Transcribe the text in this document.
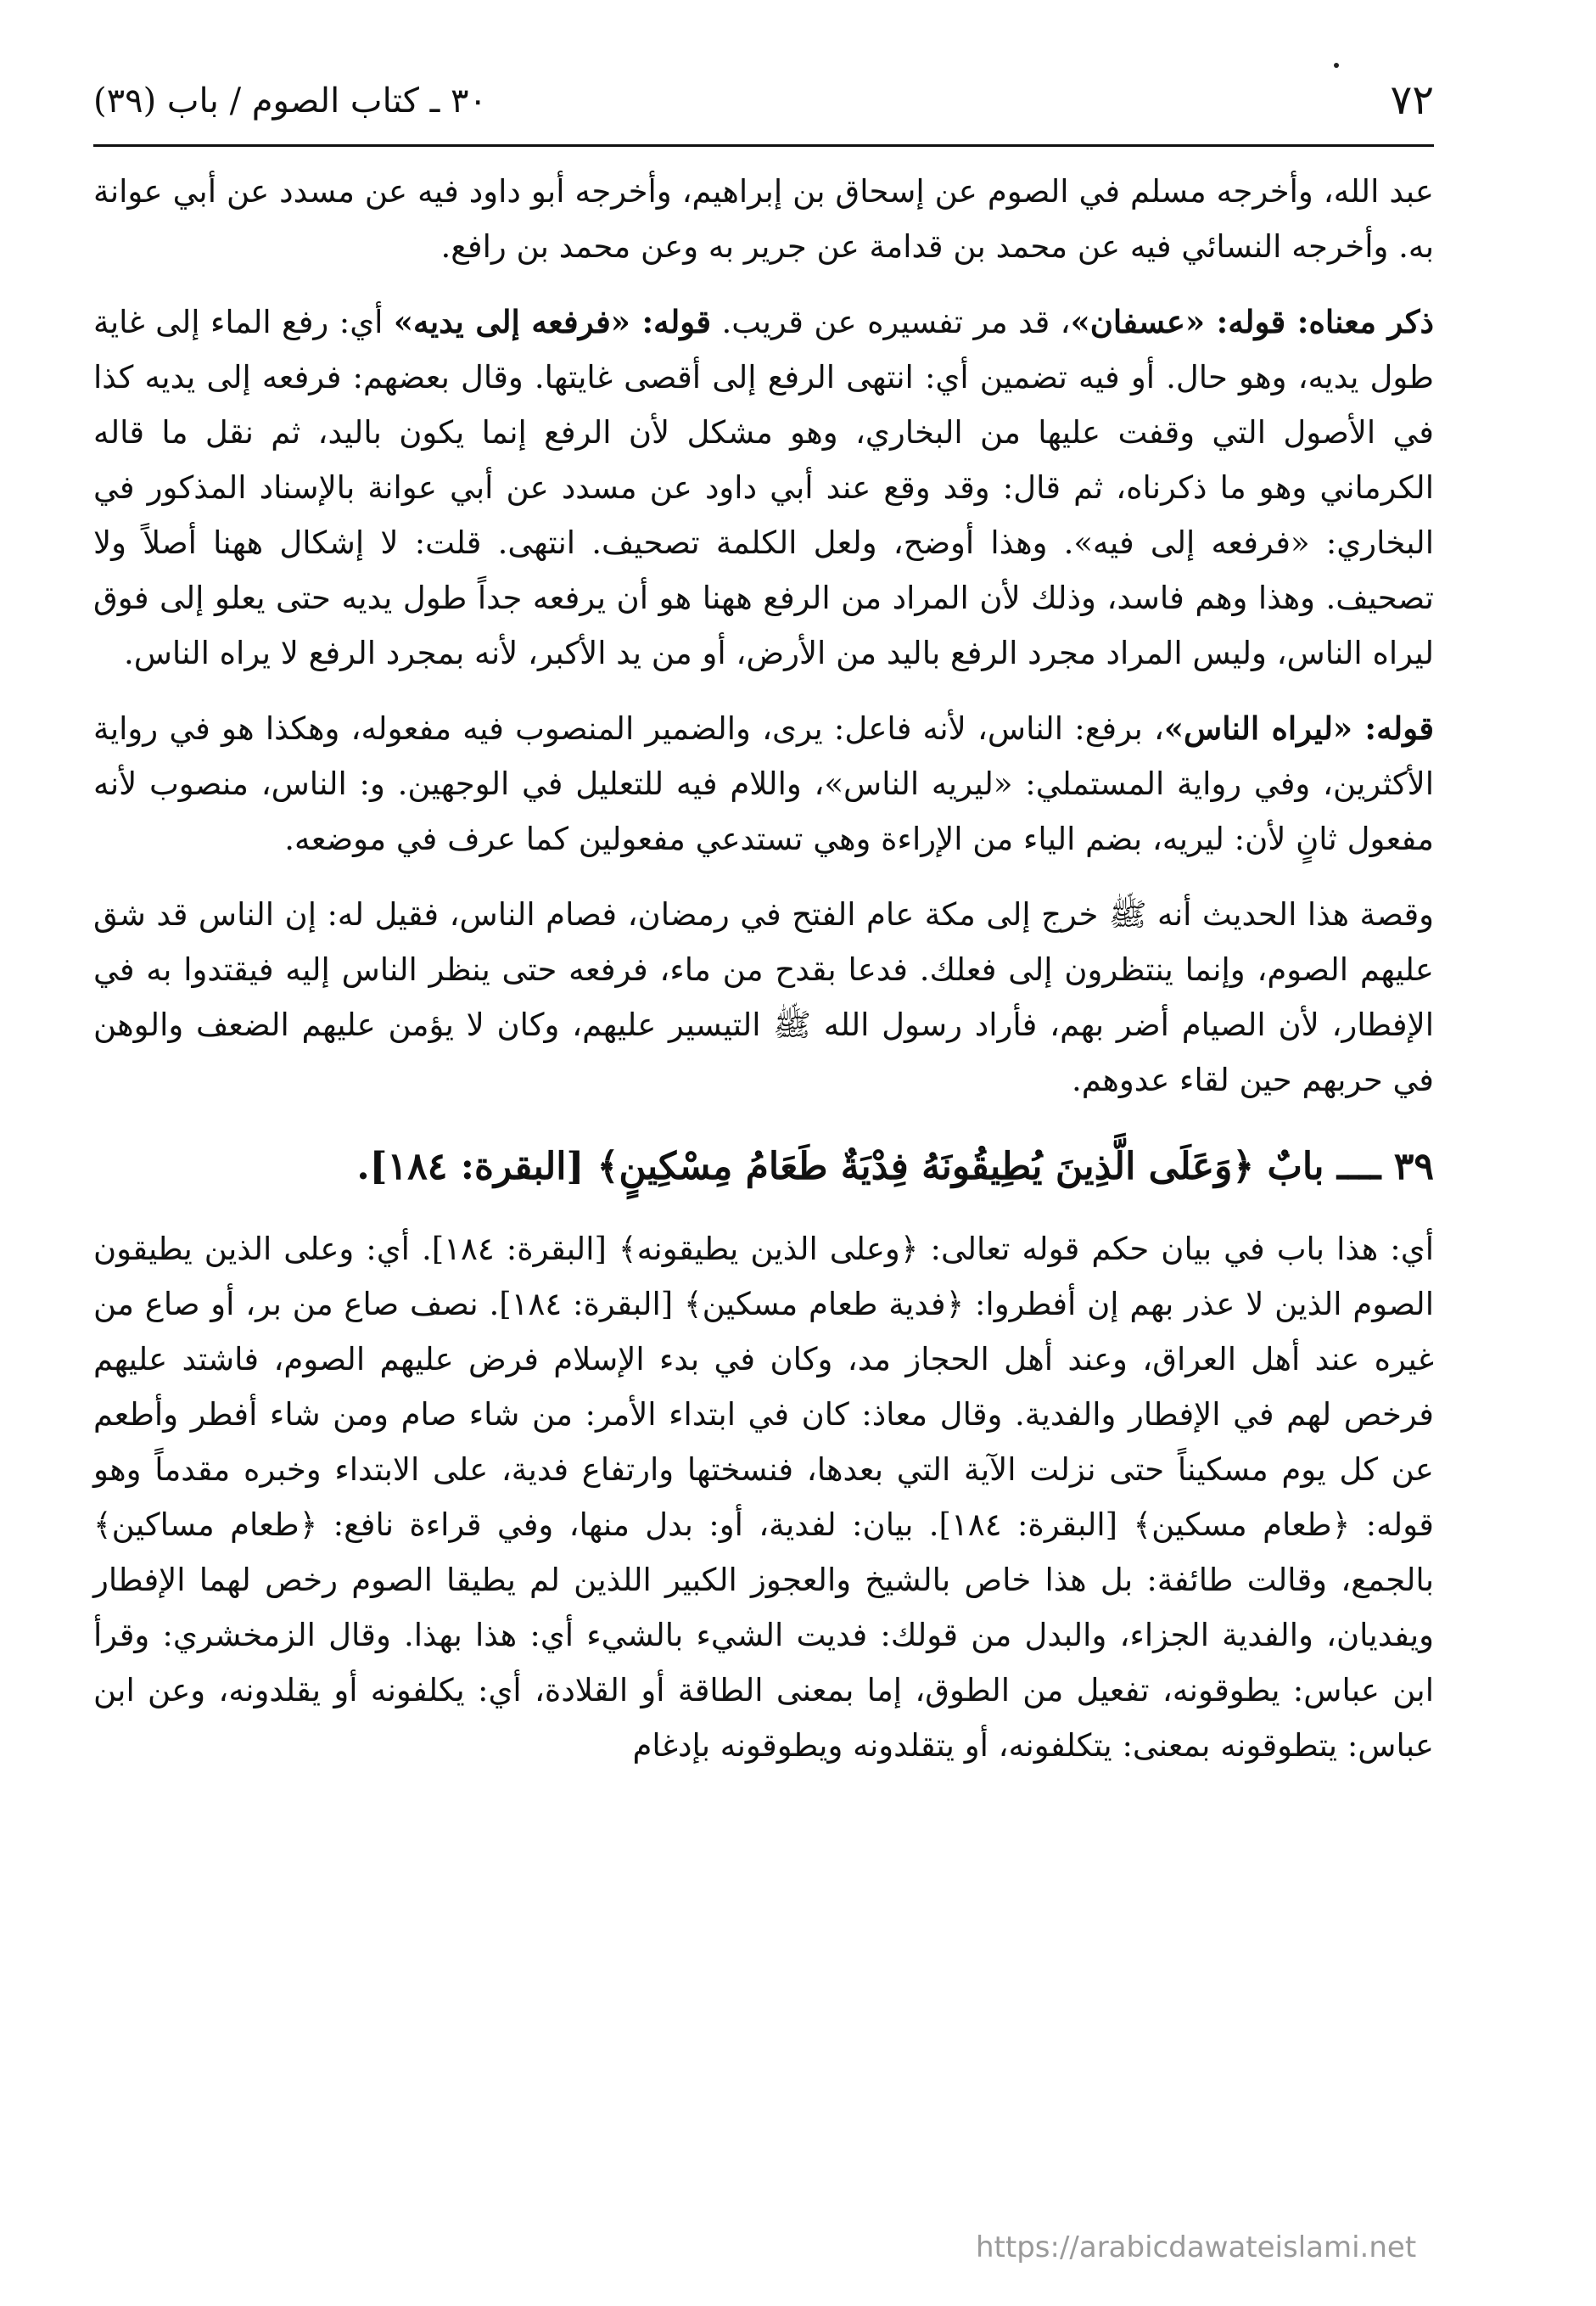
٧٢
٣٠ ـ كتاب الصوم / باب (٣٩)

عبد الله، وأخرجه مسلم في الصوم عن إسحاق بن إبراهيم، وأخرجه أبو داود فيه عن مسدد عن أبي عوانة به. وأخرجه النسائي فيه عن محمد بن قدامة عن جرير به وعن محمد بن رافع.

ذكر معناه: قوله: «عسفان»، قد مر تفسيره عن قريب. قوله: «فرفعه إلى يديه» أي: رفع الماء إلى غاية طول يديه، وهو حال. أو فيه تضمين أي: انتهى الرفع إلى أقصى غايتها. وقال بعضهم: فرفعه إلى يديه كذا في الأصول التي وقفت عليها من البخاري، وهو مشكل لأن الرفع إنما يكون باليد، ثم نقل ما قاله الكرماني وهو ما ذكرناه، ثم قال: وقد وقع عند أبي داود عن مسدد عن أبي عوانة بالإسناد المذكور في البخاري: «فرفعه إلى فيه». وهذا أوضح، ولعل الكلمة تصحيف. انتهى. قلت: لا إشكال ههنا أصلاً ولا تصحيف. وهذا وهم فاسد، وذلك لأن المراد من الرفع ههنا هو أن يرفعه جداً طول يديه حتى يعلو إلى فوق ليراه الناس، وليس المراد مجرد الرفع باليد من الأرض، أو من يد الأكبر، لأنه بمجرد الرفع لا يراه الناس.

قوله: «ليراه الناس»، برفع: الناس، لأنه فاعل: يرى، والضمير المنصوب فيه مفعوله، وهكذا هو في رواية الأكثرين، وفي رواية المستملي: «ليريه الناس»، واللام فيه للتعليل في الوجهين. و: الناس، منصوب لأنه مفعول ثانٍ لأن: ليريه، بضم الياء من الإراءة وهي تستدعي مفعولين كما عرف في موضعه.

وقصة هذا الحديث أنه ﷺ خرج إلى مكة عام الفتح في رمضان، فصام الناس، فقيل له: إن الناس قد شق عليهم الصوم، وإنما ينتظرون إلى فعلك. فدعا بقدح من ماء، فرفعه حتى ينظر الناس إليه فيقتدوا به في الإفطار، لأن الصيام أضر بهم، فأراد رسول الله ﷺ التيسير عليهم، وكان لا يؤمن عليهم الضعف والوهن في حربهم حين لقاء عدوهم.

٣٩ ــــ بابٌ ﴿وَعَلَى الَّذِينَ يُطِيقُونَهُ فِدْيَةٌ طَعَامُ مِسْكِينٍ﴾ [البقرة: ١٨٤].

أي: هذا باب في بيان حكم قوله تعالى: ﴿وعلى الذين يطيقونه﴾ [البقرة: ١٨٤]. أي: وعلى الذين يطيقون الصوم الذين لا عذر بهم إن أفطروا: ﴿فدية طعام مسكين﴾ [البقرة: ١٨٤]. نصف صاع من بر، أو صاع من غيره عند أهل العراق، وعند أهل الحجاز مد، وكان في بدء الإسلام فرض عليهم الصوم، فاشتد عليهم فرخص لهم في الإفطار والفدية. وقال معاذ: كان في ابتداء الأمر: من شاء صام ومن شاء أفطر وأطعم عن كل يوم مسكيناً حتى نزلت الآية التي بعدها، فنسختها وارتفاع فدية، على الابتداء وخبره مقدماً وهو قوله: ﴿طعام مسكين﴾ [البقرة: ١٨٤]. بيان: لفدية، أو: بدل منها، وفي قراءة نافع: ﴿طعام مساكين﴾ بالجمع، وقالت طائفة: بل هذا خاص بالشيخ والعجوز الكبير اللذين لم يطيقا الصوم رخص لهما الإفطار ويفديان، والفدية الجزاء، والبدل من قولك: فديت الشيء بالشيء أي: هذا بهذا. وقال الزمخشري: وقرأ ابن عباس: يطوقونه، تفعيل من الطوق، إما بمعنى الطاقة أو القلادة، أي: يكلفونه أو يقلدونه، وعن ابن عباس: يتطوقونه بمعنى: يتكلفونه، أو يتقلدونه ويطوقونه بإدغام

https://arabicdawateislami.net
